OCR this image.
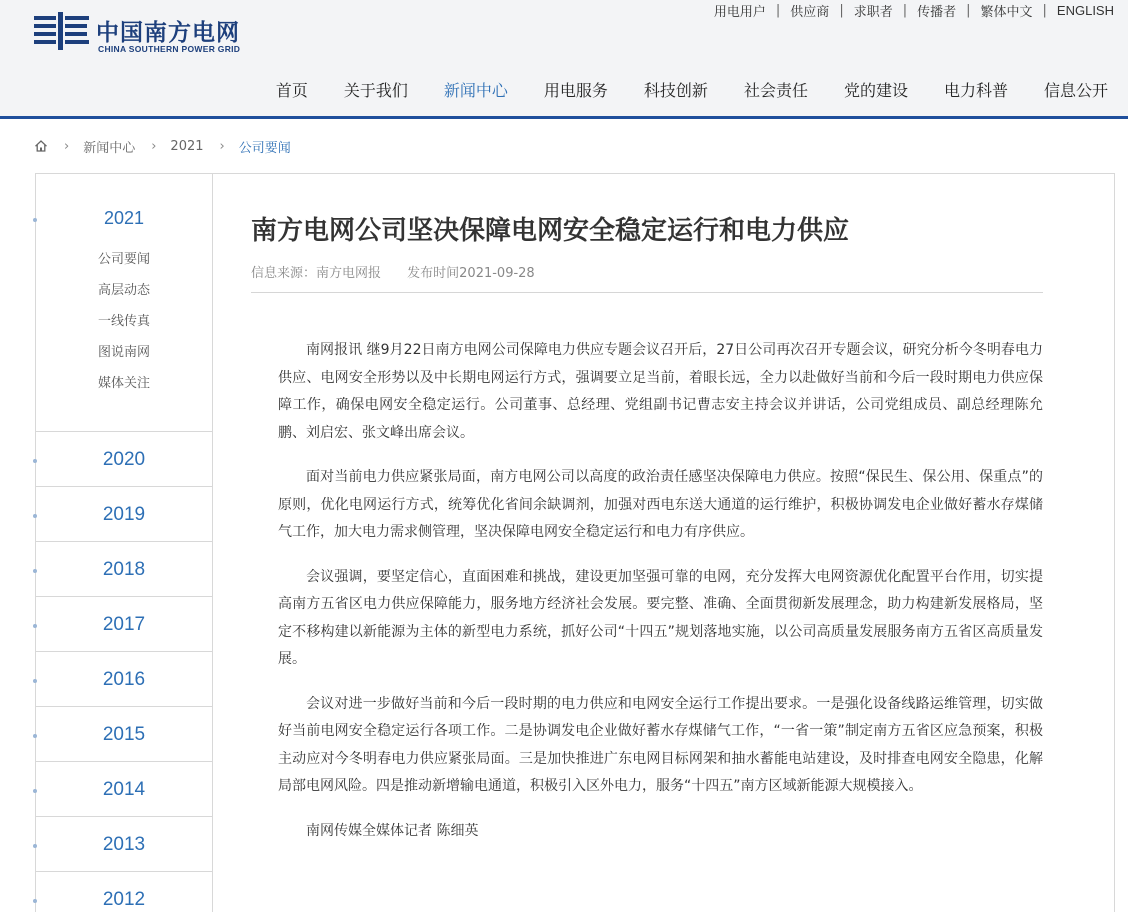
中国南方电网
CHINA SOUTHERN POWER GRID
用电用户 | 供应商 | 求职者 | 传播者 | 繁体中文 | ENGLISH
首页 关于我们 新闻中心 用电服务 科技创新 社会责任 党的建设 电力科普 信息公开
› 新闻中心 › 2021 › 公司要闻
2021
公司要闻
高层动态
一线传真
图说南网
媒体关注
2020
2019
2018
2017
2016
2015
2014
2013
2012
南方电网公司坚决保障电网安全稳定运行和电力供应
信息来源：南方电网报 发布时间2021-09-28

南网报讯 继9月22日南方电网公司保障电力供应专题会议召开后，27日公司再次召开专题会议，研究分析今冬明春电力供应、电网安全形势以及中长期电网运行方式，强调要立足当前，着眼长远，全力以赴做好当前和今后一段时期电力供应保障工作，确保电网安全稳定运行。公司董事、总经理、党组副书记曹志安主持会议并讲话，公司党组成员、副总经理陈允鹏、刘启宏、张文峰出席会议。

面对当前电力供应紧张局面，南方电网公司以高度的政治责任感坚决保障电力供应。按照“保民生、保公用、保重点”的原则，优化电网运行方式，统筹优化省间余缺调剂，加强对西电东送大通道的运行维护，积极协调发电企业做好蓄水存煤储气工作，加大电力需求侧管理，坚决保障电网安全稳定运行和电力有序供应。

会议强调，要坚定信心，直面困难和挑战，建设更加坚强可靠的电网，充分发挥大电网资源优化配置平台作用，切实提高南方五省区电力供应保障能力，服务地方经济社会发展。要完整、准确、全面贯彻新发展理念，助力构建新发展格局，坚定不移构建以新能源为主体的新型电力系统，抓好公司“十四五”规划落地实施，以公司高质量发展服务南方五省区高质量发展。

会议对进一步做好当前和今后一段时期的电力供应和电网安全运行工作提出要求。一是强化设备线路运维管理，切实做好当前电网安全稳定运行各项工作。二是协调发电企业做好蓄水存煤储气工作，“一省一策”制定南方五省区应急预案，积极主动应对今冬明春电力供应紧张局面。三是加快推进广东电网目标网架和抽水蓄能电站建设，及时排查电网安全隐患，化解局部电网风险。四是推动新增输电通道，积极引入区外电力，服务“十四五”南方区域新能源大规模接入。

南网传媒全媒体记者 陈细英
